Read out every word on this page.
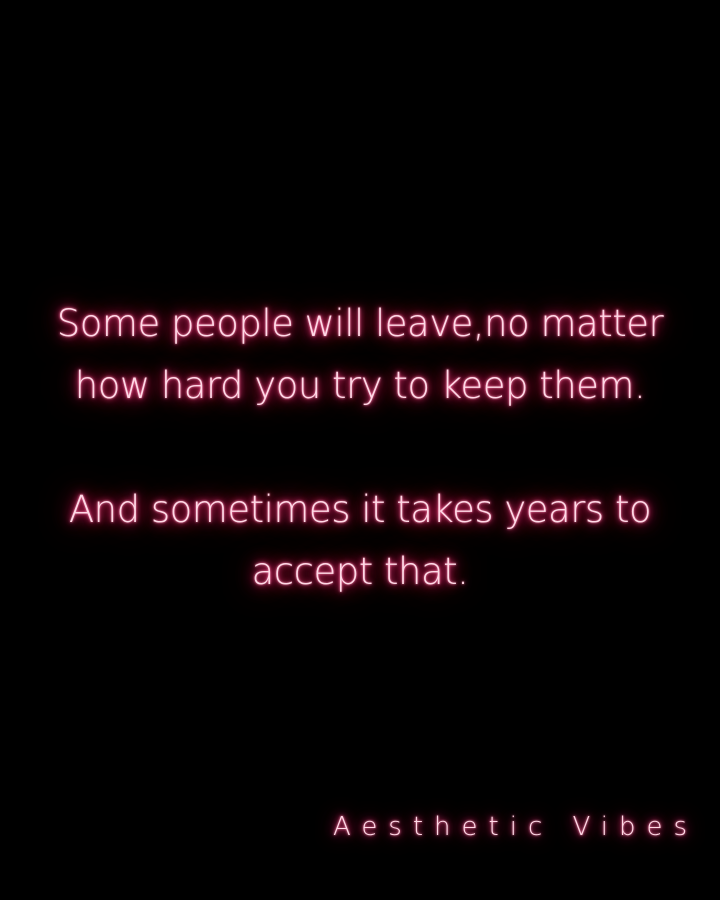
Some people will leave,no matter
how hard you try to keep them.

And sometimes it takes years to
accept that.

Aesthetic Vibes
